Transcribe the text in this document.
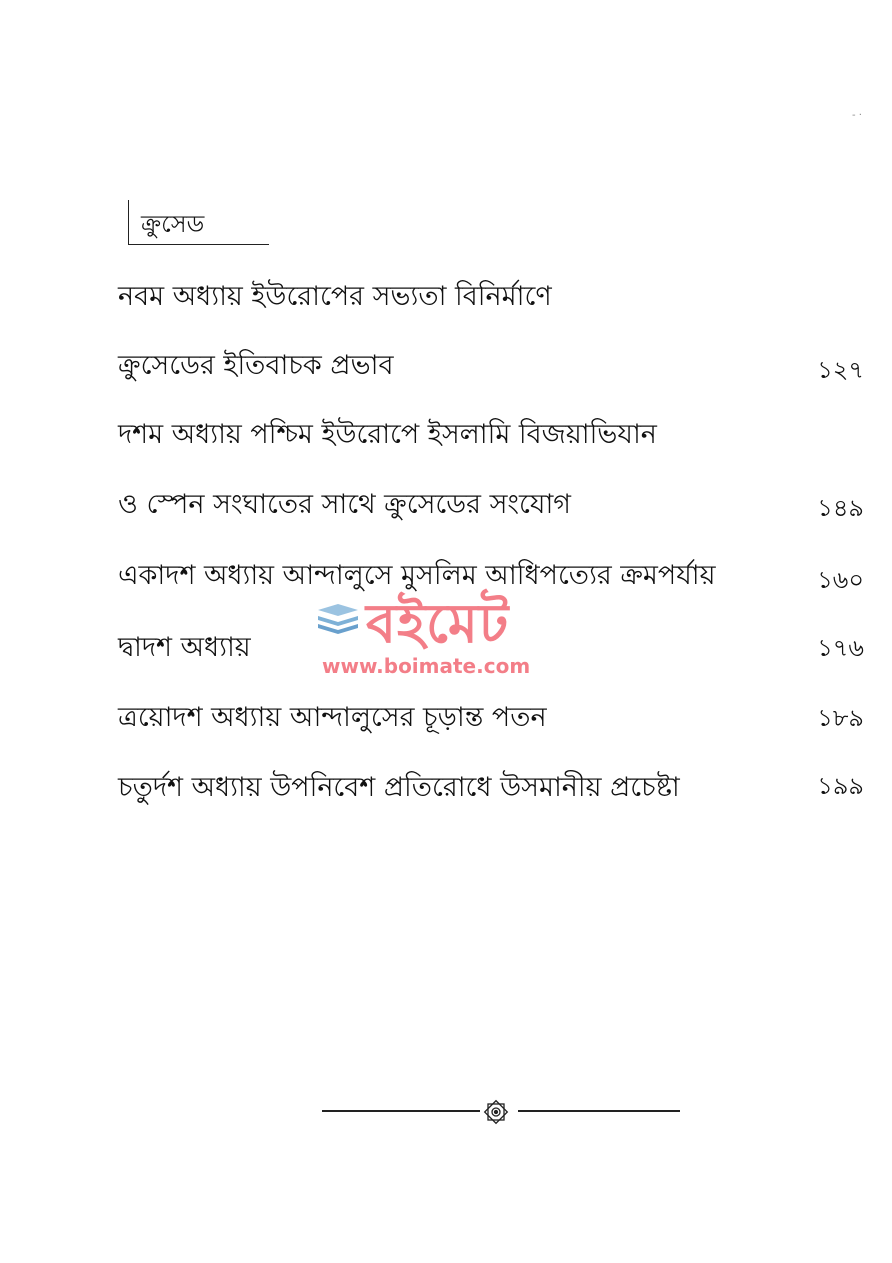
- ·
ক্রুসেড
নবম অধ্যায় ইউরোপের সভ্যতা বিনির্মাণে
ক্রুসেডের ইতিবাচক প্রভাব	১২৭
দশম অধ্যায় পশ্চিম ইউরোপে ইসলামি বিজয়াভিযান
ও স্পেন সংঘাতের সাথে ক্রুসেডের সংযোগ	১৪৯
একাদশ অধ্যায় আন্দালুসে মুসলিম আধিপত্যের ক্রমপর্যায়	১৬০
দ্বাদশ অধ্যায়	১৭৬
ত্রয়োদশ অধ্যায় আন্দালুসের চূড়ান্ত পতন	১৮৯
চতুর্দশ অধ্যায় উপনিবেশ প্রতিরোধে উসমানীয় প্রচেষ্টা	১৯৯
বইমেট
www.boimate.com
